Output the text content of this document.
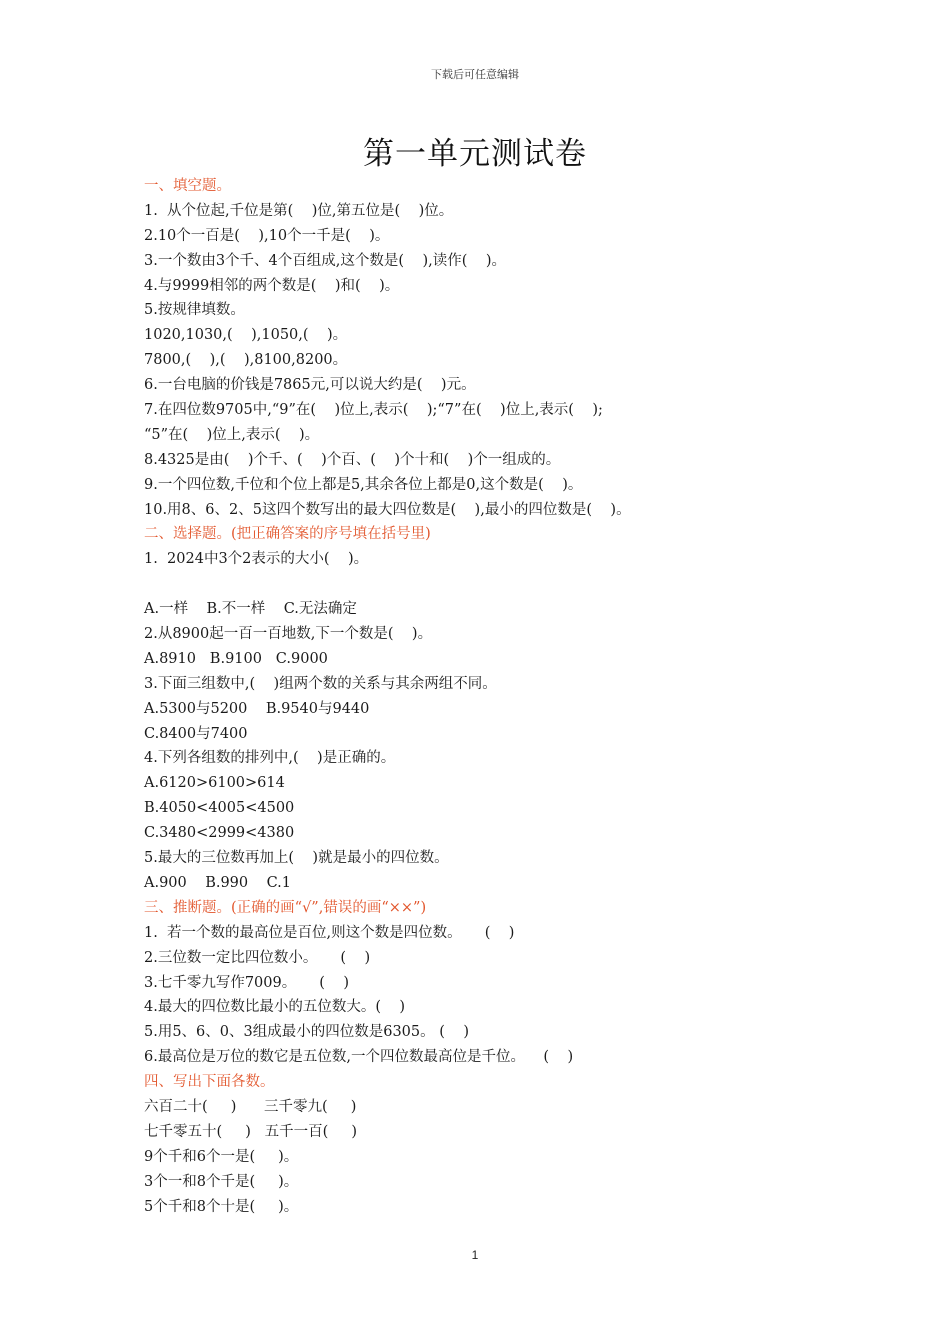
下载后可任意编辑
第一单元测试卷
一、填空题。
1.  从个位起,千位是第(    )位,第五位是(    )位。
2.10个一百是(    ),10个一千是(    )。
3.一个数由3个千、4个百组成,这个数是(    ),读作(    )。
4.与9999相邻的两个数是(    )和(    )。
5.按规律填数。
1020,1030,(    ),1050,(    )。
7800,(    ),(    ),8100,8200。
6.一台电脑的价钱是7865元,可以说大约是(    )元。
7.在四位数9705中,“9”在(    )位上,表示(    );“7”在(    )位上,表示(    );
“5”在(    )位上,表示(    )。
8.4325是由(    )个千、(    )个百、(    )个十和(    )个一组成的。
9.一个四位数,千位和个位上都是5,其余各位上都是0,这个数是(    )。
10.用8、6、2、5这四个数写出的最大四位数是(    ),最小的四位数是(    )。
二、选择题。(把正确答案的序号填在括号里)
1.  2024中3个2表示的大小(    )。
A.一样    B.不一样    C.无法确定
2.从8900起一百一百地数,下一个数是(    )。
A.8910   B.9100   C.9000
3.下面三组数中,(    )组两个数的关系与其余两组不同。
A.5300与5200    B.9540与9440
C.8400与7400
4.下列各组数的排列中,(    )是正确的。
A.6120>6100>614
B.4050<4005<4500
C.3480<2999<4380
5.最大的三位数再加上(    )就是最小的四位数。
A.900    B.990    C.1
三、推断题。(正确的画“√”,错误的画“××”)
1.  若一个数的最高位是百位,则这个数是四位数。     (    )
2.三位数一定比四位数小。     (    )
3.七千零九写作7009。     (    )
4.最大的四位数比最小的五位数大。(    )
5.用5、6、0、3组成最小的四位数是6305。 (    )
6.最高位是万位的数它是五位数,一个四位数最高位是千位。    (    )
四、写出下面各数。
六百二十(     )      三千零九(     )
七千零五十(     )   五千一百(     )
9个千和6个一是(     )。
3个一和8个千是(     )。
5个千和8个十是(     )。
1
